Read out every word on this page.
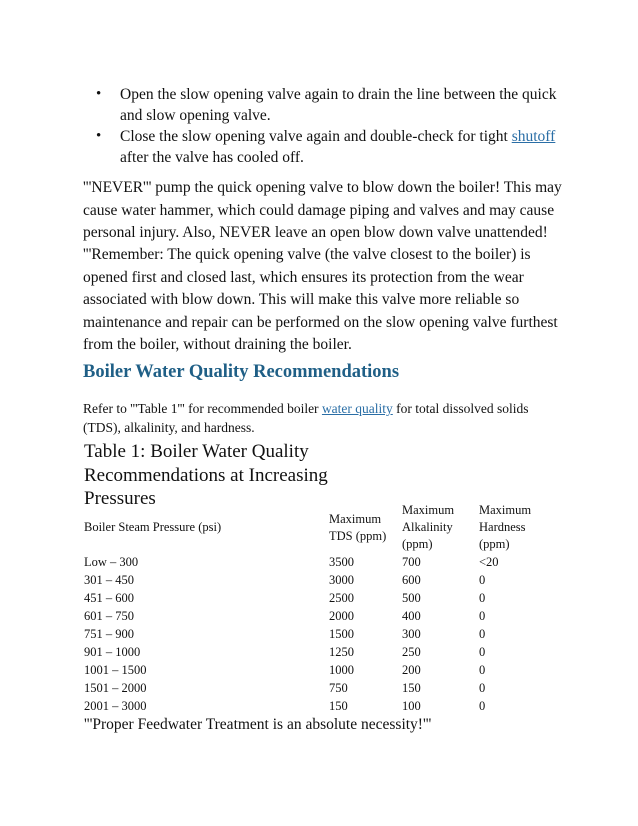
• Open the slow opening valve again to drain the line between the quick and slow opening valve.
• Close the slow opening valve again and double-check for tight shutoff after the valve has cooled off.

'''NEVER''' pump the quick opening valve to blow down the boiler! This may cause water hammer, which could damage piping and valves and may cause personal injury. Also, NEVER leave an open blow down valve unattended!

'''Remember: The quick opening valve (the valve closest to the boiler) is opened first and closed last, which ensures its protection from the wear associated with blow down. This will make this valve more reliable so maintenance and repair can be performed on the slow opening valve furthest from the boiler, without draining the boiler.

Boiler Water Quality Recommendations

Refer to '''Table 1''' for recommended boiler water quality for total dissolved solids (TDS), alkalinity, and hardness.

Table 1: Boiler Water Quality Recommendations at Increasing Pressures

Boiler Steam Pressure (psi)	Maximum TDS (ppm)	Maximum Alkalinity (ppm)	Maximum Hardness (ppm)
Low – 300	3500	700	<20
301 – 450	3000	600	0
451 – 600	2500	500	0
601 – 750	2000	400	0
751 – 900	1500	300	0
901 – 1000	1250	250	0
1001 – 1500	1000	200	0
1501 – 2000	750	150	0
2001 – 3000	150	100	0

'''Proper Feedwater Treatment is an absolute necessity!'''
